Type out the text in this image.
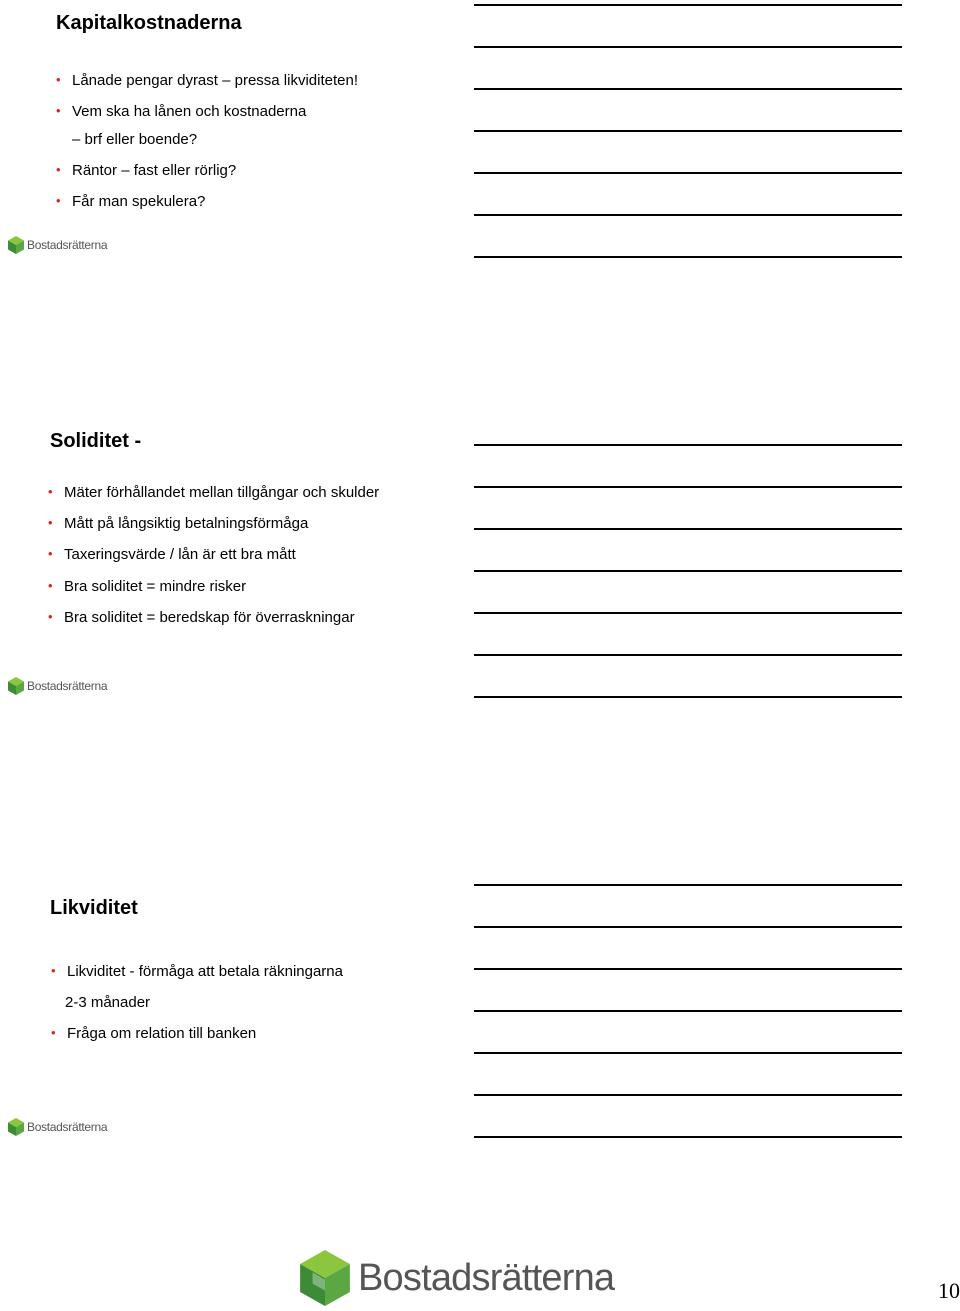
Kapitalkostnaderna
• Lånade pengar dyrast – pressa likviditeten!
• Vem ska ha lånen och kostnaderna
– brf eller boende?
• Räntor – fast eller rörlig?
• Får man spekulera?
Bostadsrätterna
Soliditet -
• Mäter förhållandet mellan tillgångar och skulder
• Mått på långsiktig betalningsförmåga
• Taxeringsvärde / lån är ett bra mått
• Bra soliditet = mindre risker
• Bra soliditet = beredskap för överraskningar
Bostadsrätterna
Likviditet
• Likviditet - förmåga att betala räkningarna
2-3 månader
• Fråga om relation till banken
Bostadsrätterna
Bostadsrätterna	10
